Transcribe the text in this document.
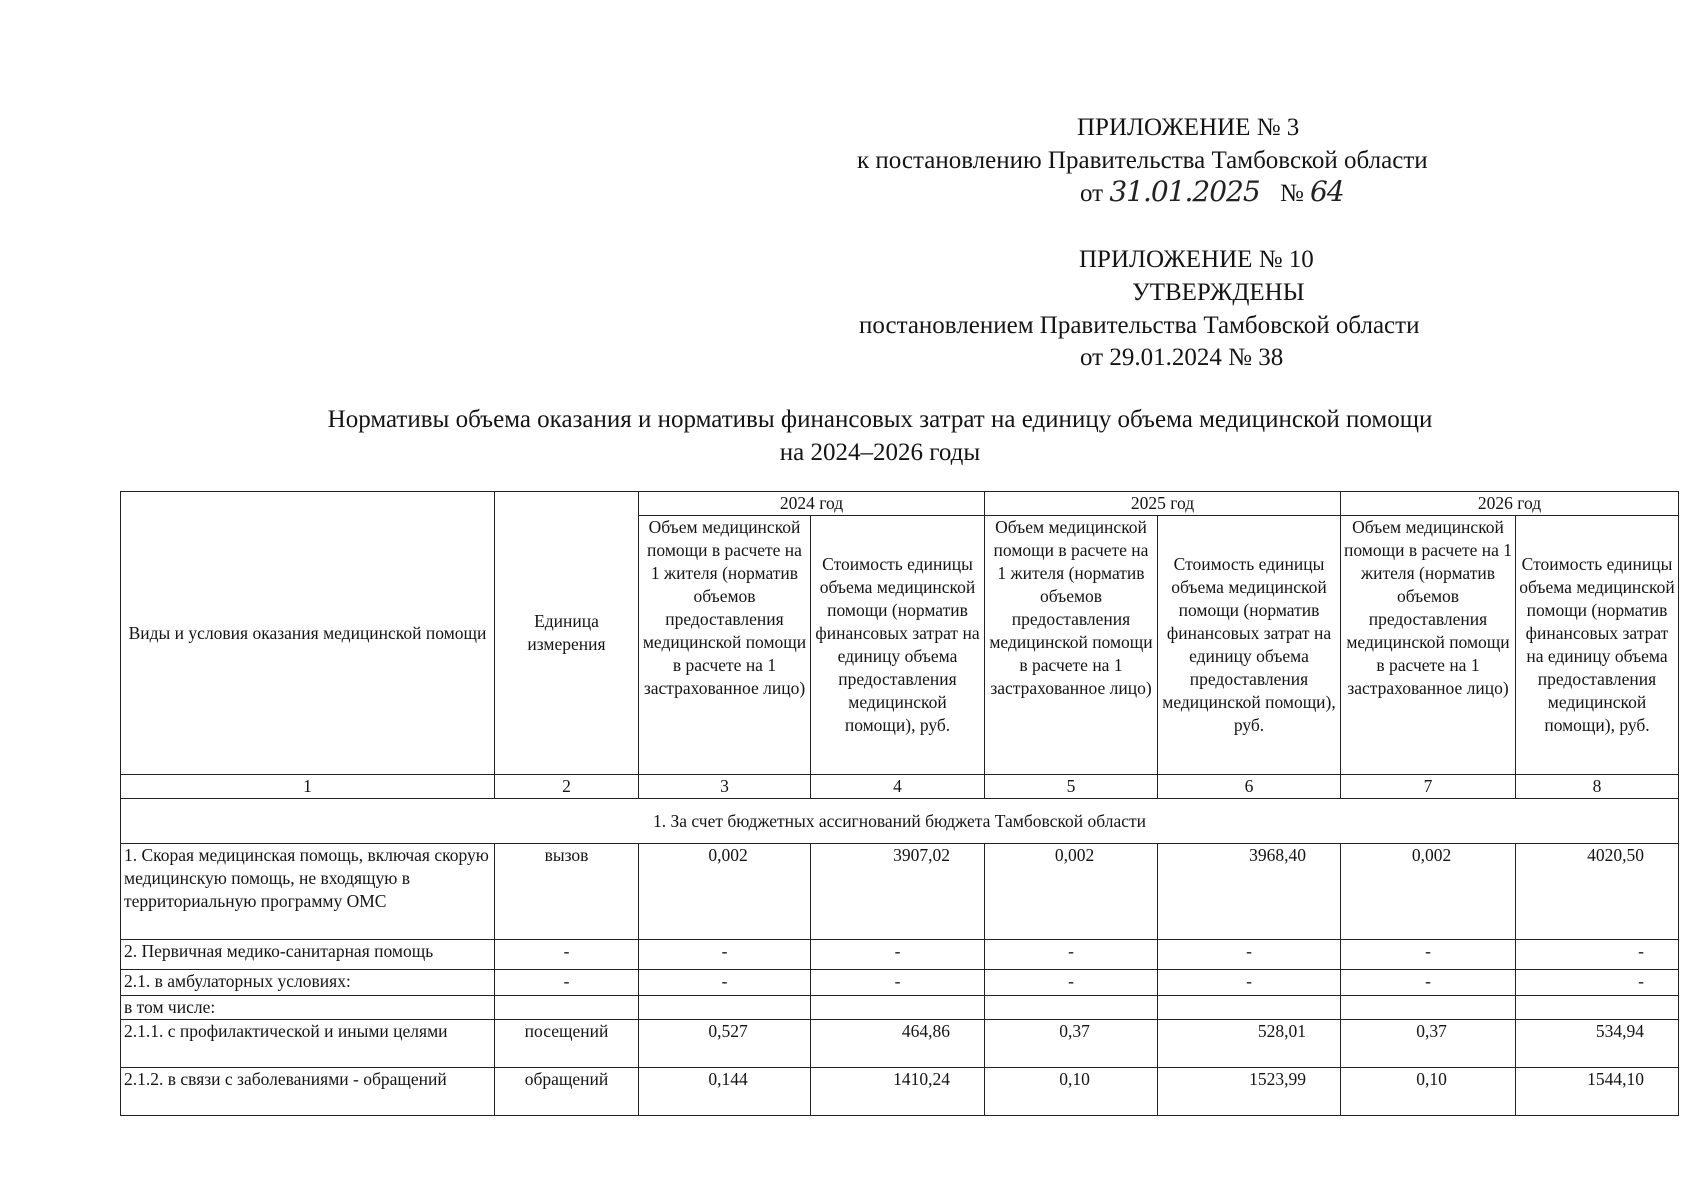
ПРИЛОЖЕНИЕ № 3
к постановлению Правительства Тамбовской области
от 31.01.2025 № 64
ПРИЛОЖЕНИЕ № 10
УТВЕРЖДЕНЫ
постановлением Правительства Тамбовской области
от 29.01.2024 № 38
Нормативы объема оказания и нормативы финансовых затрат на единицу объема медицинской помощи
на 2024–2026 годы
Виды и условия оказания медицинской помощи	Единица измерения	2024 год		2025 год		2026 год	
		Объем медицинской помощи в расчете на 1 жителя (норматив объемов предоставления медицинской помощи в расчете на 1 застрахованное лицо)	Стоимость единицы объема медицинской помощи (норматив финансовых затрат на единицу объема предоставления медицинской помощи), руб.	Объем медицинской помощи в расчете на 1 жителя (норматив объемов предоставления медицинской помощи в расчете на 1 застрахованное лицо)	Стоимость единицы объема медицинской помощи (норматив финансовых затрат на единицу объема предоставления медицинской помощи), руб.	Объем медицинской помощи в расчете на 1 жителя (норматив объемов предоставления медицинской помощи в расчете на 1 застрахованное лицо)	Стоимость единицы объема медицинской помощи (норматив финансовых затрат на единицу объема предоставления медицинской помощи), руб.
1	2	3	4	5	6	7	8
1. За счет бюджетных ассигнований бюджета Тамбовской области							
1. Скорая медицинская помощь, включая скорую медицинскую помощь, не входящую в территориальную программу ОМС	вызов	0,002	3907,02	0,002	3968,40	0,002	4020,50
2. Первичная медико-санитарная помощь	-	-	-	-	-	-	-
2.1. в амбулаторных условиях:	-	-	-	-	-	-	-
в том числе:							
2.1.1. с профилактической и иными целями	посещений	0,527	464,86	0,37	528,01	0,37	534,94
2.1.2. в связи с заболеваниями - обращений	обращений	0,144	1410,24	0,10	1523,99	0,10	1544,10
